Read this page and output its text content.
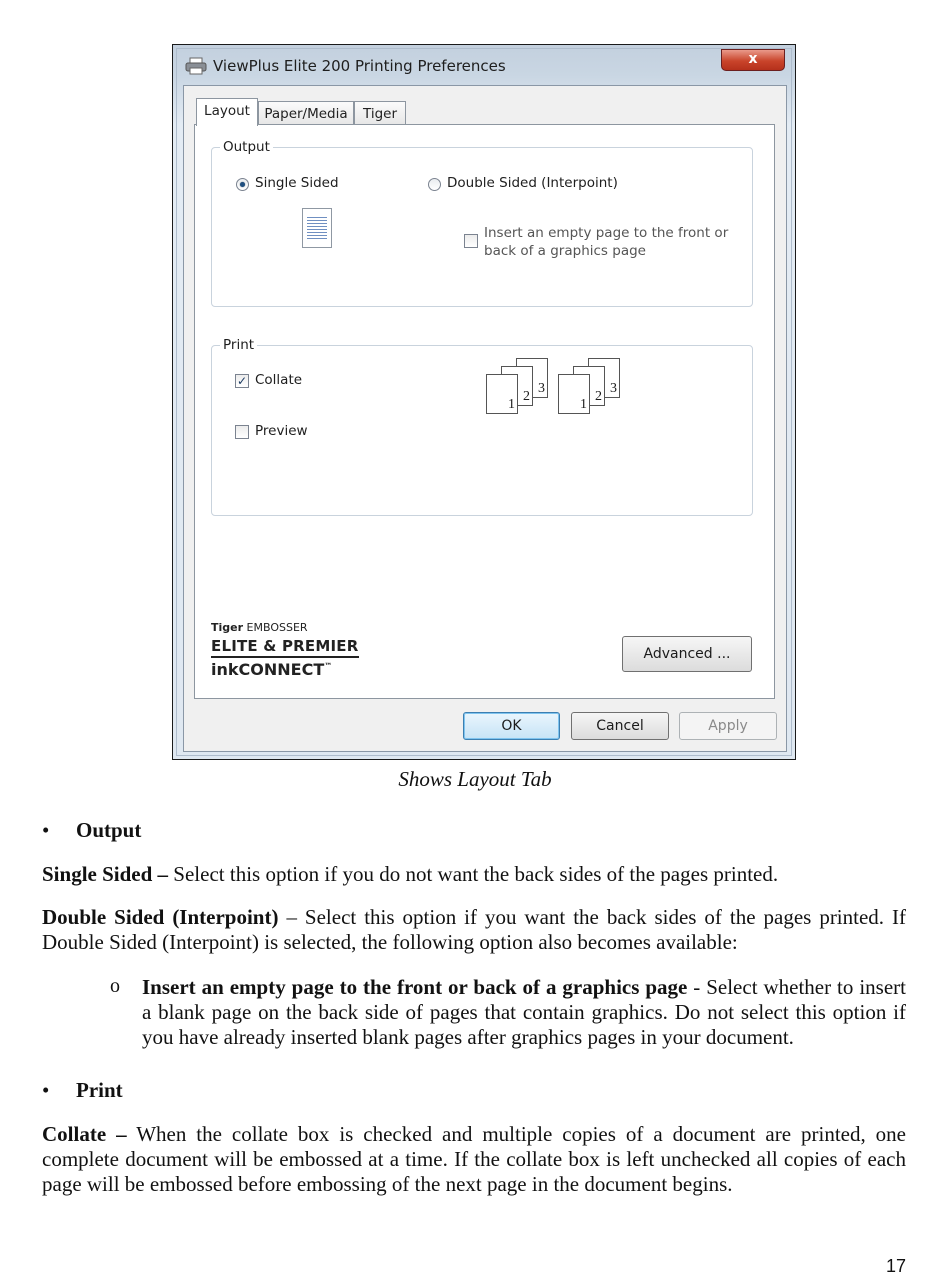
ViewPlus Elite 200 Printing Preferences	x
Layout	Paper/Media	Tiger
Output
Single Sided	Double Sided (Interpoint)
Insert an empty page to the front or
back of a graphics page
Print
✓ Collate
Preview
3
2
1
3
2
1
Tiger EMBOSSER
ELITE & PREMIER
inkCONNECT™
Advanced ...
OK	Cancel	Apply
Shows Layout Tab
• Output
Single Sided – Select this option if you do not want the back sides of the pages printed.
Double Sided (Interpoint) – Select this option if you want the back sides of the pages printed. If Double Sided (Interpoint) is selected, the following option also becomes available:
o Insert an empty page to the front or back of a graphics page - Select whether to insert a blank page on the back side of pages that contain graphics. Do not select this option if you have already inserted blank pages after graphics pages in your document.
• Print
Collate – When the collate box is checked and multiple copies of a document are printed, one complete document will be embossed at a time. If the collate box is left unchecked all copies of each page will be embossed before embossing of the next page in the document begins.
17
